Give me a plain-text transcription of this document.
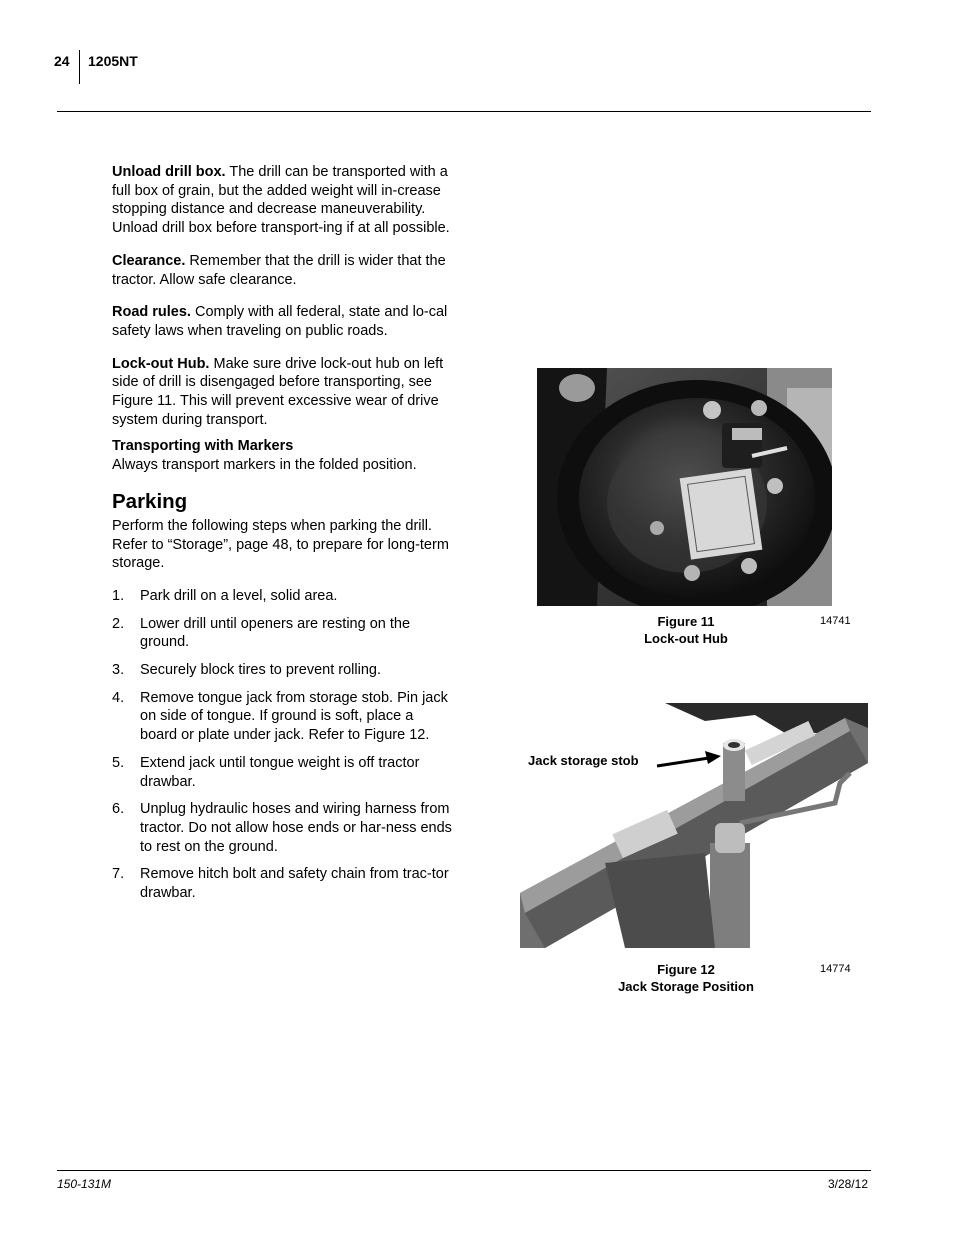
24 1205NT

Unload drill box. The drill can be transported with a full box of grain, but the added weight will in-crease stopping distance and decrease maneuverability. Unload drill box before transport-ing if at all possible.

Clearance. Remember that the drill is wider that the tractor. Allow safe clearance.

Road rules. Comply with all federal, state and lo-cal safety laws when traveling on public roads.

Lock-out Hub. Make sure drive lock-out hub on left side of drill is disengaged before transporting, see Figure 11. This will prevent excessive wear of drive system during transport.

Transporting with Markers

Always transport markers in the folded position.

Parking

Perform the following steps when parking the drill. Refer to “Storage”, page 48, to prepare for long-term storage.

1. Park drill on a level, solid area.
2. Lower drill until openers are resting on the ground.
3. Securely block tires to prevent rolling.
4. Remove tongue jack from storage stob. Pin jack on side of tongue. If ground is soft, place a board or plate under jack. Refer to Figure 12.
5. Extend jack until tongue weight is off tractor drawbar.
6. Unplug hydraulic hoses and wiring harness from tractor. Do not allow hose ends or har-ness ends to rest on the ground.
7. Remove hitch bolt and safety chain from trac-tor drawbar.
Figure 11
Lock-out Hub
14741
Jack storage stob
Figure 12
Jack Storage Position
14774
150-131M	3/28/12
